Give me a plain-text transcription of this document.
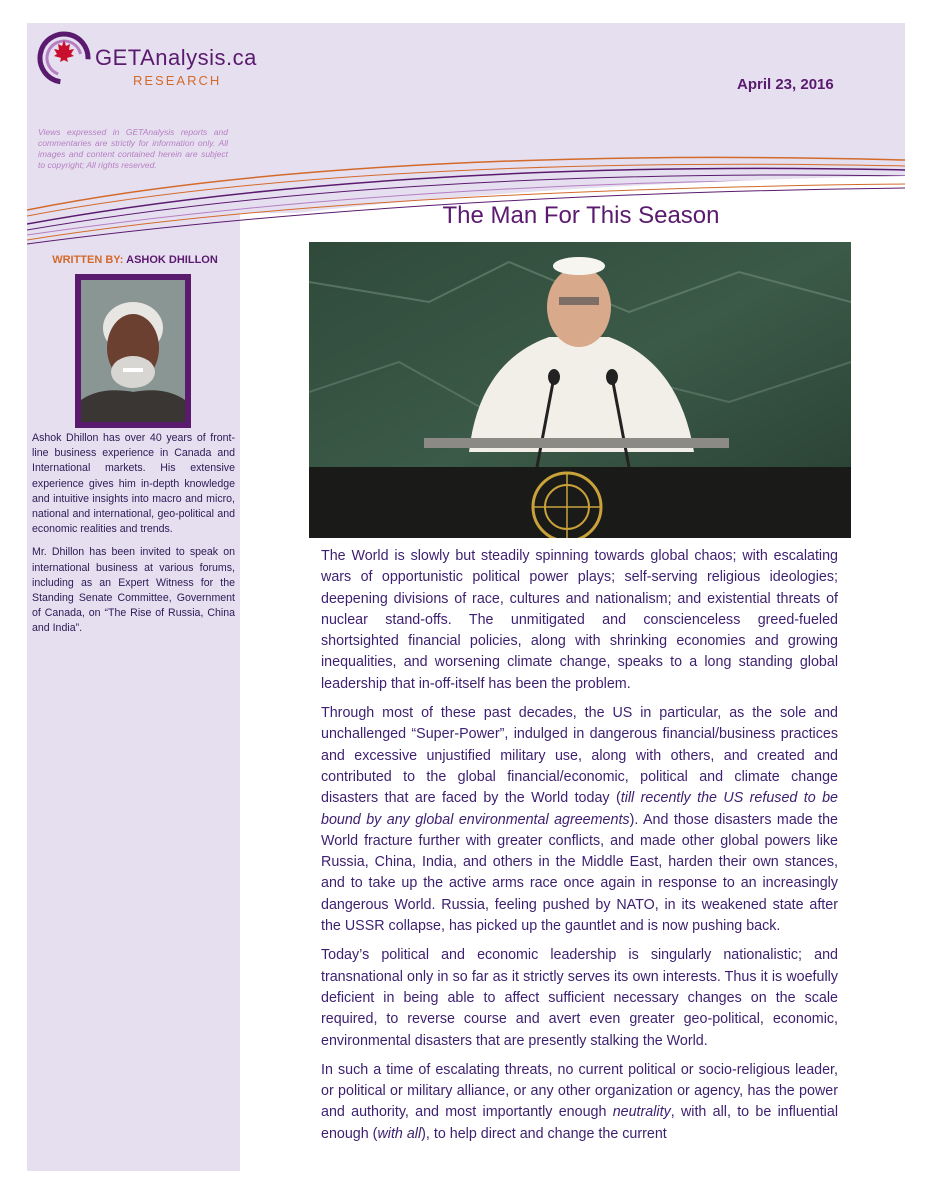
GETAnalysis.ca
RESEARCH	April 23, 2016
Views expressed in GETAnalysis reports and commentaries are strictly for information only. All images and content contained herein are subject to copyright; All rights reserved.
WRITTEN BY: ASHOK DHILLON

Ashok Dhillon has over 40 years of front-line business experience in Canada and International markets. His extensive experience gives him in-depth knowledge and intuitive insights into macro and micro, national and international, geo-political and economic realities and trends.

Mr. Dhillon has been invited to speak on international business at various forums, including as an Expert Witness for the Standing Senate Committee, Government of Canada, on “The Rise of Russia, China and India”.

The Man For This Season

The World is slowly but steadily spinning towards global chaos; with escalating wars of opportunistic political power plays; self-serving religious ideologies; deepening divisions of race, cultures and nationalism; and existential threats of nuclear stand-offs. The unmitigated and conscienceless greed-fueled shortsighted financial policies, along with shrinking economies and growing inequalities, and worsening climate change, speaks to a long standing global leadership that in-off-itself has been the problem.

Through most of these past decades, the US in particular, as the sole and unchallenged “Super-Power”, indulged in dangerous financial/business practices and excessive unjustified military use, along with others, and created and contributed to the global financial/economic, political and climate change disasters that are faced by the World today (till recently the US refused to be bound by any global environmental agreements). And those disasters made the World fracture further with greater conflicts, and made other global powers like Russia, China, India, and others in the Middle East, harden their own stances, and to take up the active arms race once again in response to an increasingly dangerous World. Russia, feeling pushed by NATO, in its weakened state after the USSR collapse, has picked up the gauntlet and is now pushing back.

Today’s political and economic leadership is singularly nationalistic; and transnational only in so far as it strictly serves its own interests. Thus it is woefully deficient in being able to affect sufficient necessary changes on the scale required, to reverse course and avert even greater geo-political, economic, environmental disasters that are presently stalking the World.

In such a time of escalating threats, no current political or socio-religious leader, or political or military alliance, or any other organization or agency, has the power and authority, and most importantly enough neutrality, with all, to be influential enough (with all), to help direct and change the current
